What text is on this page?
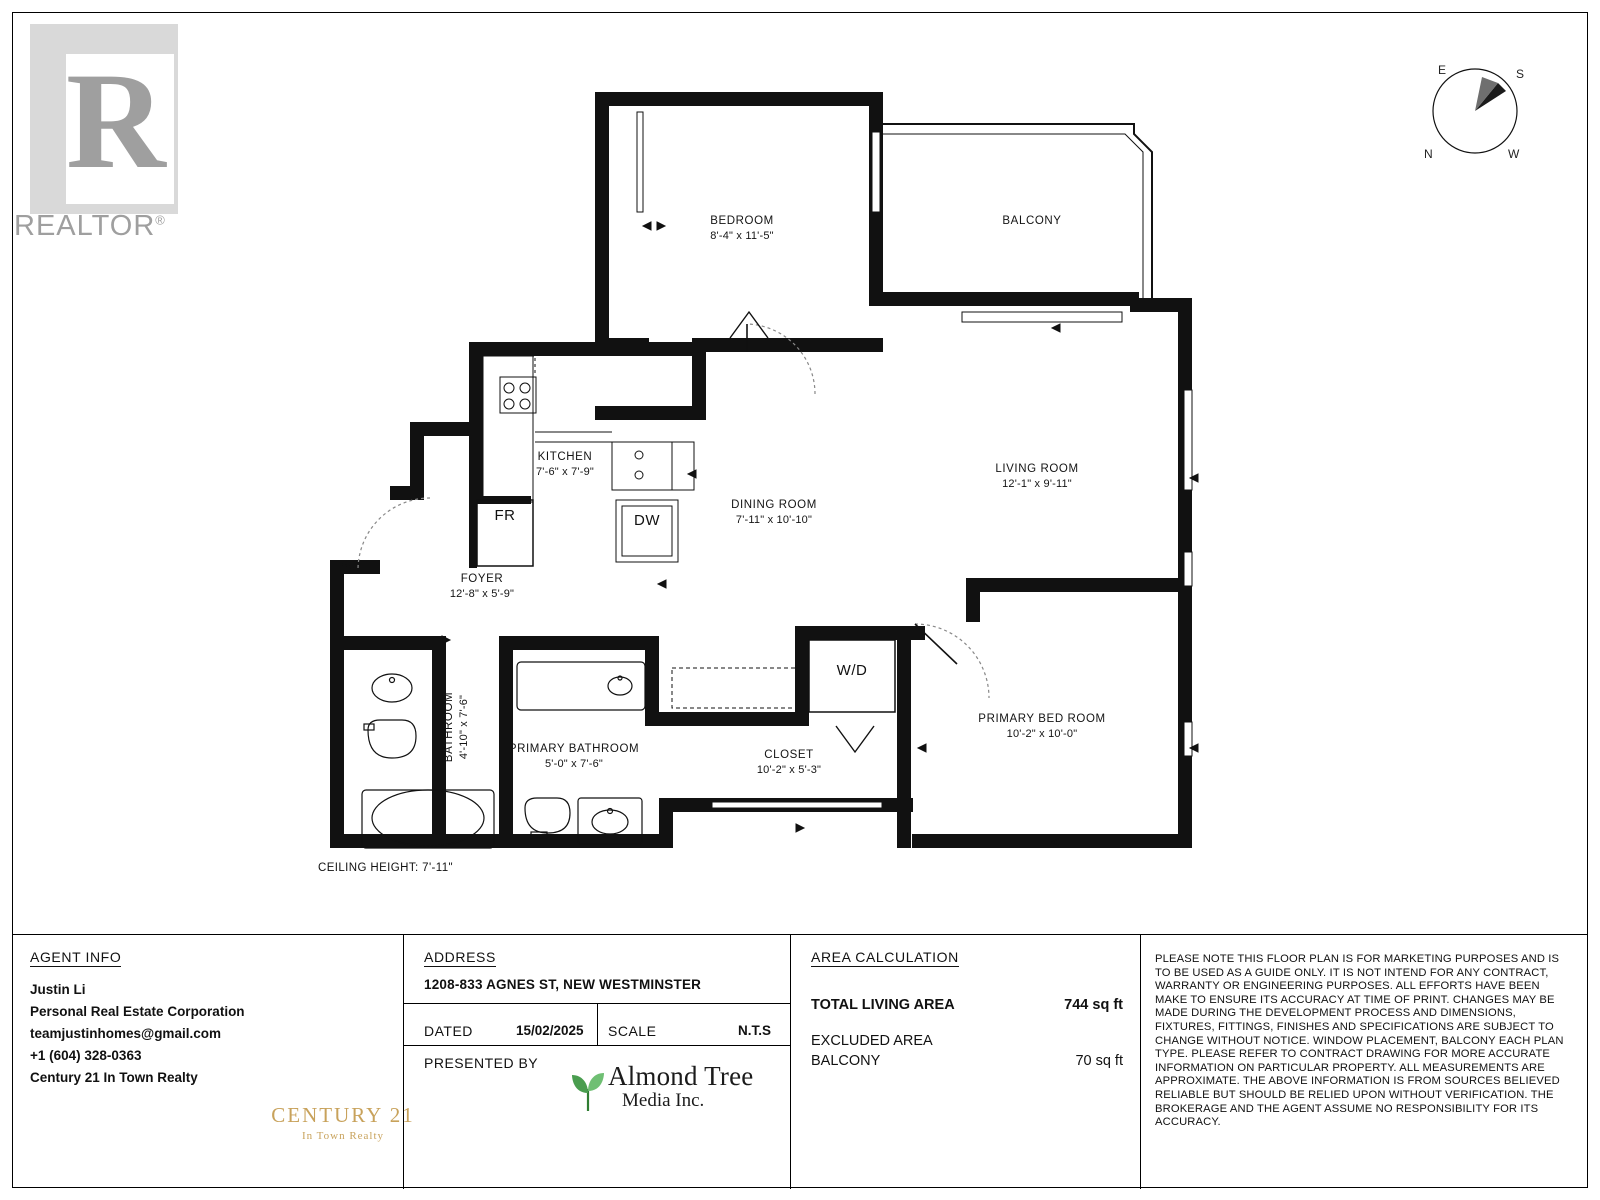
R
REALTOR®
N
S
E
W
BEDROOM
8'-4" x 11'-5"
BALCONY
LIVING ROOM
12'-1" x 9'-11"
KITCHEN
7'-6" x 7'-9"
DINING ROOM
7'-11" x 10'-10"
FOYER
12'-8" x 5'-9"
BATHROOM 4'-10" x 7'-6"	PRIMARY BATHROOM
5'-0" x 7'-6"
CLOSET
10'-2" x 5'-3"
PRIMARY BED ROOM
10'-2" x 10'-0"
FR	DW
W/D
CEILING HEIGHT: 7'-11"
AGENT INFO
Justin Li
Personal Real Estate Corporation
teamjustinhomes@gmail.com
+1 (604) 328-0363
Century 21 In Town Realty
CENTURY 21
In Town Realty
ADDRESS
1208-833 AGNES ST, NEW WESTMINSTER
DATED	15/02/2025 SCALE	N.T.S
PRESENTED BY	Almond Tree
Media Inc.
AREA CALCULATION
TOTAL LIVING AREA	744 sq ft
EXCLUDED AREA
BALCONY	70 sq ft
PLEASE NOTE THIS FLOOR PLAN IS FOR MARKETING PURPOSES AND IS TO BE USED AS A GUIDE ONLY. IT IS NOT INTEND FOR ANY CONTRACT, WARRANTY OR ENGINEERING PURPOSES. ALL EFFORTS HAVE BEEN MAKE TO ENSURE ITS ACCURACY AT TIME OF PRINT. CHANGES MAY BE MADE DURING THE DEVELOPMENT PROCESS AND DIMENSIONS, FIXTURES, FITTINGS, FINISHES AND SPECIFICATIONS ARE SUBJECT TO CHANGE WITHOUT NOTICE. WINDOW PLACEMENT, BALCONY EACH PLAN TYPE. PLEASE REFER TO CONTRACT DRAWING FOR MORE ACCURATE INFORMATION ON PARTICULAR PROPERTY. ALL MEASUREMENTS ARE APPROXIMATE. THE ABOVE INFORMATION IS FROM SOURCES BELIEVED RELIABLE BUT SHOULD BE RELIED UPON WITHOUT VERIFICATION. THE BROKERAGE AND THE AGENT ASSUME NO RESPONSIBILITY FOR ITS ACCURACY.
